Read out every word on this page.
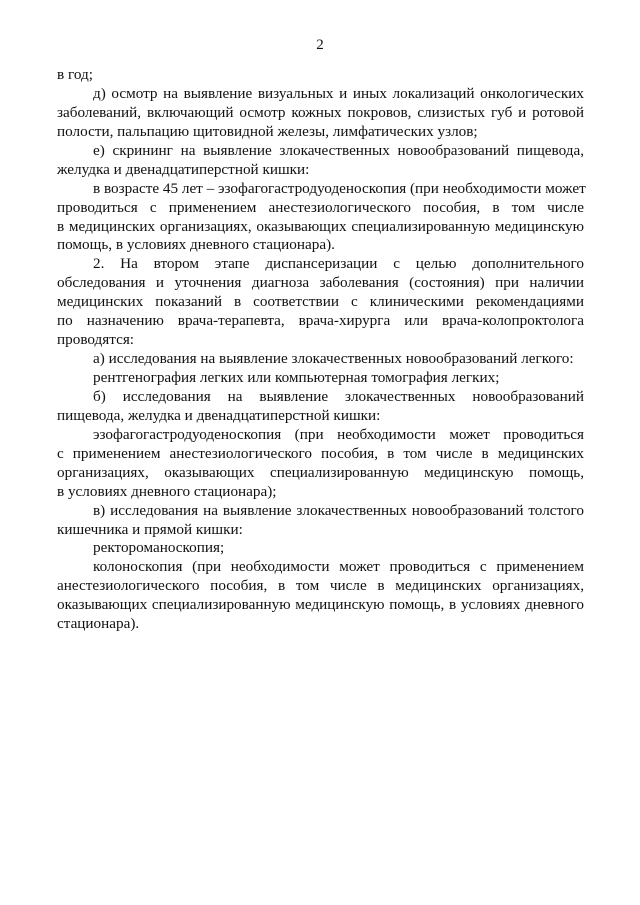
2
в год;
д) осмотр на выявление визуальных и иных локализаций онкологических
заболеваний, включающий осмотр кожных покровов, слизистых губ и ротовой
полости, пальпацию щитовидной железы, лимфатических узлов;
е) скрининг на выявление злокачественных новообразований пищевода,
желудка и двенадцатиперстной кишки:
в возрасте 45 лет – эзофагогастродуоденоскопия (при необходимости может
проводиться с применением анестезиологического пособия, в том числе
в медицинских организациях, оказывающих специализированную медицинскую
помощь, в условиях дневного стационара).
2. На втором этапе диспансеризации с целью дополнительного
обследования и уточнения диагноза заболевания (состояния) при наличии
медицинских показаний в соответствии с клиническими рекомендациями
по назначению врача-терапевта, врача-хирурга или врача-колопроктолога
проводятся:
а) исследования на выявление злокачественных новообразований легкого:
рентгенография легких или компьютерная томография легких;
б) исследования на выявление злокачественных новообразований
пищевода, желудка и двенадцатиперстной кишки:
эзофагогастродуоденоскопия (при необходимости может проводиться
с применением анестезиологического пособия, в том числе в медицинских
организациях, оказывающих специализированную медицинскую помощь,
в условиях дневного стационара);
в) исследования на выявление злокачественных новообразований толстого
кишечника и прямой кишки:
ректороманоскопия;
колоноскопия (при необходимости может проводиться с применением
анестезиологического пособия, в том числе в медицинских организациях,
оказывающих специализированную медицинскую помощь, в условиях дневного
стационара).
